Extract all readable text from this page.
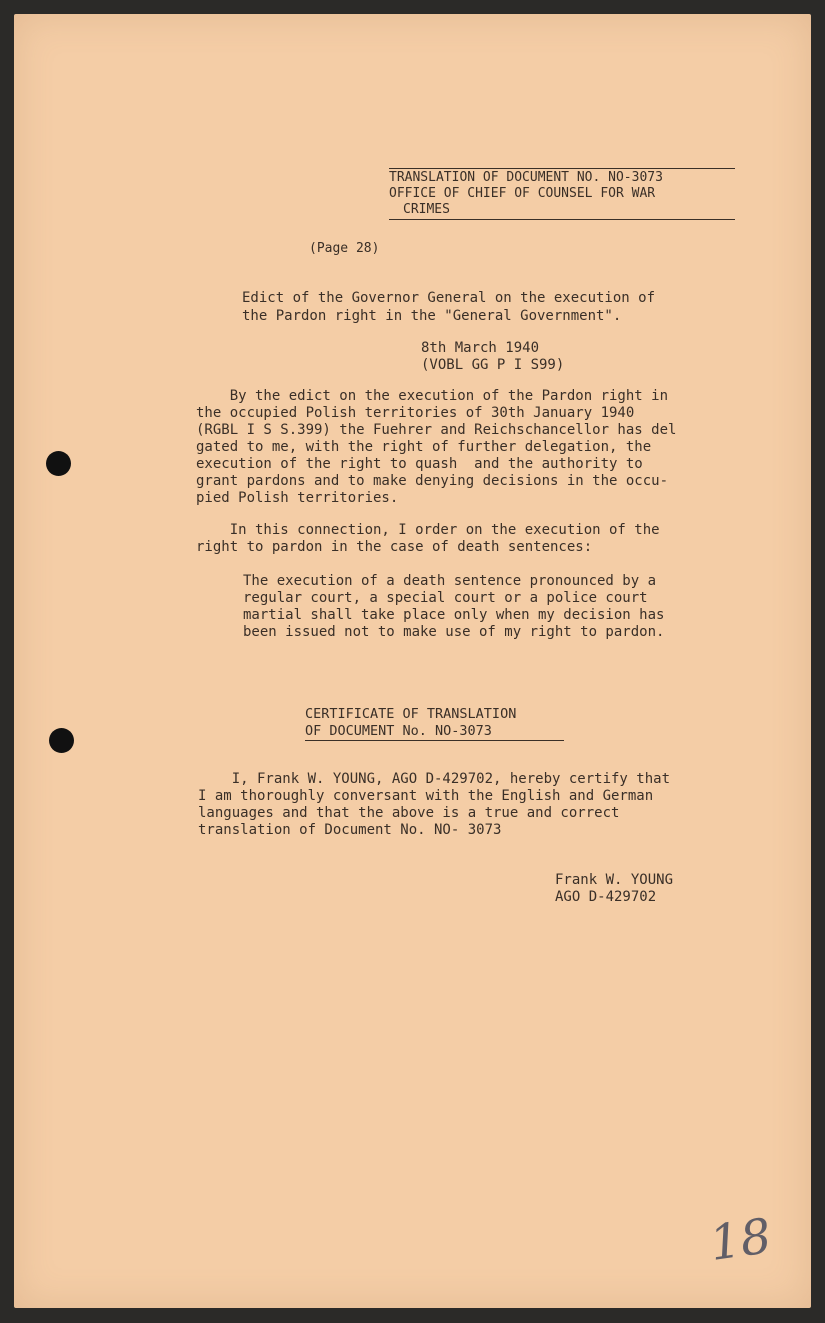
TRANSLATION OF DOCUMENT NO. NO-3073
OFFICE OF CHIEF OF COUNSEL FOR WAR
CRIMES
(Page 28)
Edict of the Governor General on the execution of
the Pardon right in the "General Government".
8th March 1940
(VOBL GG P I S99)
By the edict on the execution of the Pardon right in
the occupied Polish territories of 30th January 1940
(RGBL I S S.399) the Fuehrer and Reichschancellor has del
gated to me, with the right of further delegation, the
execution of the right to quash  and the authority to
grant pardons and to make denying decisions in the occu-
pied Polish territories.
In this connection, I order on the execution of the
right to pardon in the case of death sentences:
The execution of a death sentence pronounced by a
regular court, a special court or a police court
martial shall take place only when my decision has
been issued not to make use of my right to pardon.
CERTIFICATE OF TRANSLATION
OF DOCUMENT No. NO-3073
I, Frank W. YOUNG, AGO D-429702, hereby certify that
I am thoroughly conversant with the English and German
languages and that the above is a true and correct
translation of Document No. NO- 3073
Frank W. YOUNG
AGO D-429702
18
